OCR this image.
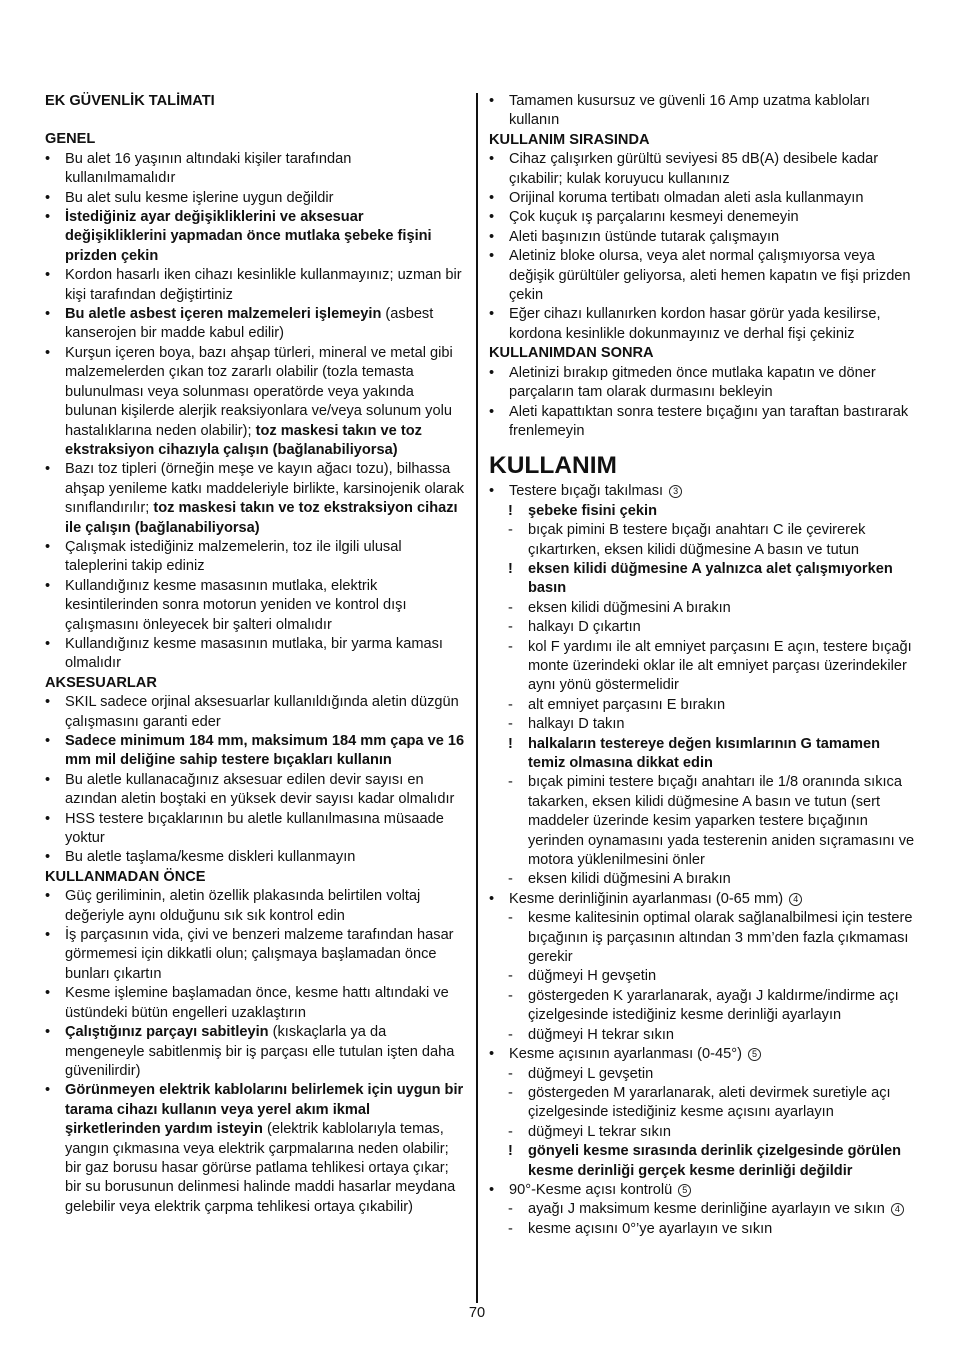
EK GÜVENLİK TALİMATI
GENEL
• Bu alet 16 yaşının altındaki kişiler tarafından kullanılmamalıdır
• Bu alet sulu kesme işlerine uygun değildir
• İstediğiniz ayar değişikliklerini ve aksesuar değişikliklerini yapmadan önce mutlaka şebeke fişini prizden çekin
• Kordon hasarlı iken cihazı kesinlikle kullanmayınız; uzman bir kişi tarafından değiştirtiniz
• Bu aletle asbest içeren malzemeleri işlemeyin (asbest kanserojen bir madde kabul edilir)
• Kurşun içeren boya, bazı ahşap türleri, mineral ve metal gibi malzemelerden çıkan toz zararlı olabilir (tozla temasta bulunulması veya solunması operatörde veya yakında bulunan kişilerde alerjik reaksiyonlara ve/veya solunum yolu hastalıklarına neden olabilir); toz maskesi takın ve toz ekstraksiyon cihazıyla çalışın (bağlanabiliyorsa)
• Bazı toz tipleri (örneğin meşe ve kayın ağacı tozu), bilhassa ahşap yenileme katkı maddeleriyle birlikte, karsinojenik olarak sınıflandırılır; toz maskesi takın ve toz ekstraksiyon cihazı ile çalışın (bağlanabiliyorsa)
• Çalışmak istediğiniz malzemelerin, toz ile ilgili ulusal taleplerini takip ediniz
• Kullandığınız kesme masasının mutlaka, elektrik kesintilerinden sonra motorun yeniden ve kontrol dışı çalışmasını önleyecek bir şalteri olmalıdır
• Kullandığınız kesme masasının mutlaka, bir yarma kaması olmalıdır
AKSESUARLAR
• SKIL sadece orjinal aksesuarlar kullanıldığında aletin düzgün çalışmasını garanti eder
• Sadece minimum 184 mm, maksimum 184 mm çapa ve 16 mm mil deliğine sahip testere bıçakları kullanın
• Bu aletle kullanacağınız aksesuar edilen devir sayısı en azından aletin boştaki en yüksek devir sayısı kadar olmalıdır
• HSS testere bıçaklarının bu aletle kullanılmasına müsaade yoktur
• Bu aletle taşlama/kesme diskleri kullanmayın
KULLANMADAN ÖNCE
• Güç geriliminin, aletin özellik plakasında belirtilen voltaj değeriyle aynı olduğunu sık sık kontrol edin
• İş parçasının vida, çivi ve benzeri malzeme tarafından hasar görmemesi için dikkatli olun; çalışmaya başlamadan önce bunları çıkartın
• Kesme işlemine başlamadan önce, kesme hattı altındaki ve üstündeki bütün engelleri uzaklaştırın
• Çalıştığınız parçayı sabitleyin (kıskaçlarla ya da mengeneyle sabitlenmiş bir iş parçası elle tutulan işten daha güvenilirdir)
• Görünmeyen elektrik kablolarını belirlemek için uygun bir tarama cihazı kullanın veya yerel akım ikmal şirketlerinden yardım isteyin (elektrik kablolarıyla temas, yangın çıkmasına veya elektrik çarpmalarına neden olabilir; bir gaz borusu hasar görürse patlama tehlikesi ortaya çıkar; bir su borusunun delinmesi halinde maddi hasarlar meydana gelebilir veya elektrik çarpma tehlikesi ortaya çıkabilir)
• Tamamen kusursuz ve güvenli 16 Amp uzatma kabloları kullanın
KULLANIM SIRASINDA
• Cihaz çalışırken gürültü seviyesi 85 dB(A) desibele kadar çıkabilir; kulak koruyucu kullanınız
• Orijinal koruma tertibatı olmadan aleti asla kullanmayın
• Çok kuçuk ış parçalarını kesmeyi denemeyin
• Aleti başınızın üstünde tutarak çalışmayın
• Aletiniz bloke olursa, veya alet normal çalışmıyorsa veya değişik gürültüler geliyorsa, aleti hemen kapatın ve fişi prizden çekin
• Eğer cihazı kullanırken kordon hasar görür yada kesilirse, kordona kesinlikle dokunmayınız ve derhal fişi çekiniz
KULLANIMDAN SONRA
• Aletinizi bırakıp gitmeden önce mutlaka kapatın ve döner parçaların tam olarak durmasını bekleyin
• Aleti kapattıktan sonra testere bıçağını yan taraftan bastırarak frenlemeyin
KULLANIM
• Testere bıçağı takılması 3
! şebeke fisini çekin
- bıçak pimini B testere bıçağı anahtarı C ile çevirerek çıkartırken, eksen kilidi düğmesine A basın ve tutun
! eksen kilidi düğmesine A yalnızca alet çalışmıyorken basın
- eksen kilidi düğmesini A bırakın
- halkayı D çıkartın
- kol F yardımı ile alt emniyet parçasını E açın, testere bıçağı monte üzerindeki oklar ile alt emniyet parçası üzerindekiler aynı yönü göstermelidir
- alt emniyet parçasını E bırakın
- halkayı D takın
! halkaların testereye değen kısımlarının G tamamen temiz olmasına dikkat edin
- bıçak pimini testere bıçağı anahtarı ile 1/8 oranında sıkıca takarken, eksen kilidi düğmesine A basın ve tutun (sert maddeler üzerinde kesim yaparken testere bıçağının yerinden oynamasını yada testerenin aniden sıçramasını ve motora yüklenilmesini önler
- eksen kilidi düğmesini A bırakın
• Kesme derinliğinin ayarlanması (0-65 mm) 4
- kesme kalitesinin optimal olarak sağlanalbilmesi için testere bıçağının iş parçasının altından 3 mm’den fazla çıkmaması gerekir
- düğmeyi H gevşetin
- göstergeden K yararlanarak, ayağı J kaldırme/indirme açı çizelgesinde istediğiniz kesme derinliği ayarlayın
- düğmeyi H tekrar sıkın
• Kesme açısının ayarlanması (0-45°) 5
- düğmeyi L gevşetin
- göstergeden M yararlanarak, aleti devirmek suretiyle açı çizelgesinde istediğiniz kesme açısını ayarlayın
- düğmeyi L tekrar sıkın
! gönyeli kesme sırasında derinlik çizelgesinde görülen kesme derinliği gerçek kesme derinliği değildir
• 90°-Kesme açısı kontrolü 5
- ayağı J maksimum kesme derinliğine ayarlayın ve sıkın 4
- kesme açısını 0°’ye ayarlayın ve sıkın
70
